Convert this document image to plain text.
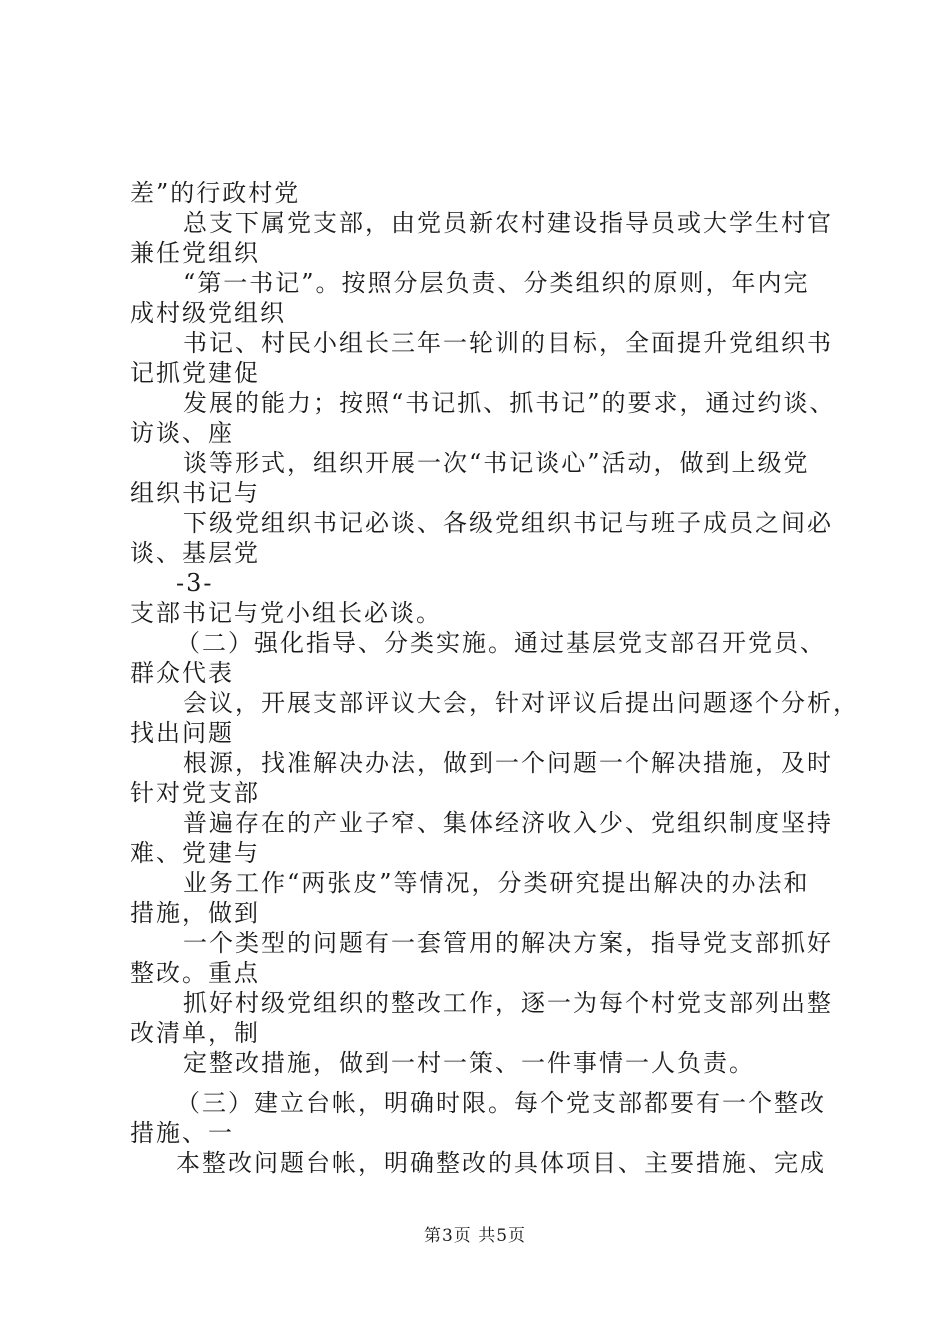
差”的行政村党
总支下属党支部，由党员新农村建设指导员或大学生村官
兼任党组织
“第一书记”。按照分层负责、分类组织的原则，年内完
成村级党组织
书记、村民小组长三年一轮训的目标，全面提升党组织书
记抓党建促
发展的能力；按照“书记抓、抓书记”的要求，通过约谈、
访谈、座
谈等形式，组织开展一次“书记谈心”活动，做到上级党
组织书记与
下级党组织书记必谈、各级党组织书记与班子成员之间必
谈、基层党
-3-
支部书记与党小组长必谈。
（二）强化指导、分类实施。通过基层党支部召开党员、
群众代表
会议，开展支部评议大会，针对评议后提出问题逐个分析，
找出问题
根源，找准解决办法，做到一个问题一个解决措施，及时
针对党支部
普遍存在的产业子窄、集体经济收入少、党组织制度坚持
难、党建与
业务工作“两张皮”等情况，分类研究提出解决的办法和
措施，做到
一个类型的问题有一套管用的解决方案，指导党支部抓好
整改。重点
抓好村级党组织的整改工作，逐一为每个村党支部列出整
改清单，制
定整改措施，做到一村一策、一件事情一人负责。
（三）建立台帐，明确时限。每个党支部都要有一个整改
措施、一
本整改问题台帐，明确整改的具体项目、主要措施、完成
第3页 共5页
